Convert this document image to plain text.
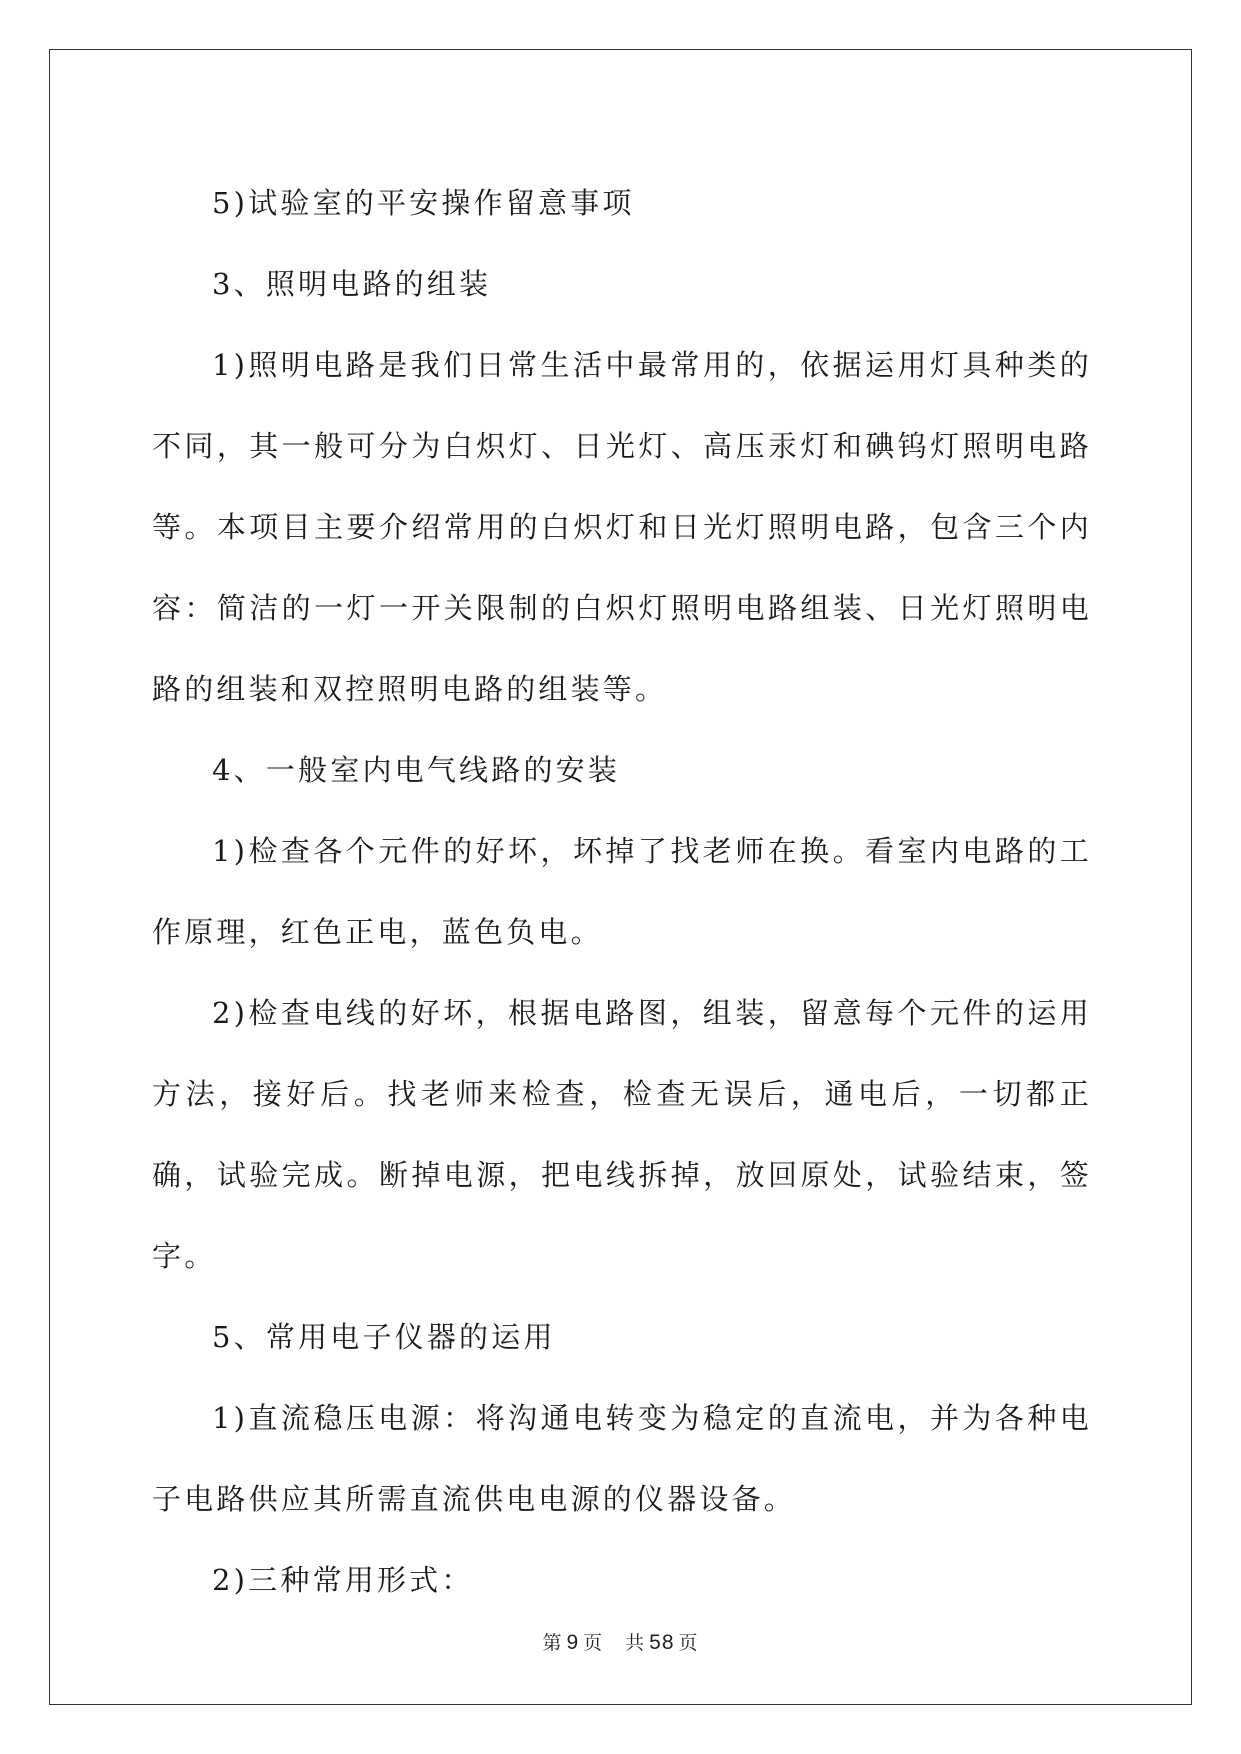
5)试验室的平安操作留意事项

3、照明电路的组装

1)照明电路是我们日常生活中最常用的，依据运用灯具种类的不同，其一般可分为白炽灯、日光灯、高压汞灯和碘钨灯照明电路等。本项目主要介绍常用的白炽灯和日光灯照明电路，包含三个内容：简洁的一灯一开关限制的白炽灯照明电路组装、日光灯照明电路的组装和双控照明电路的组装等。

4、一般室内电气线路的安装

1)检查各个元件的好坏，坏掉了找老师在换。看室内电路的工作原理，红色正电，蓝色负电。

2)检查电线的好坏，根据电路图，组装，留意每个元件的运用方法，接好后。找老师来检查，检查无误后，通电后，一切都正确，试验完成。断掉电源，把电线拆掉，放回原处，试验结束，签字。

5、常用电子仪器的运用

1)直流稳压电源：将沟通电转变为稳定的直流电，并为各种电子电路供应其所需直流供电电源的仪器设备。

2)三种常用形式：

第 9 页 共 58 页
